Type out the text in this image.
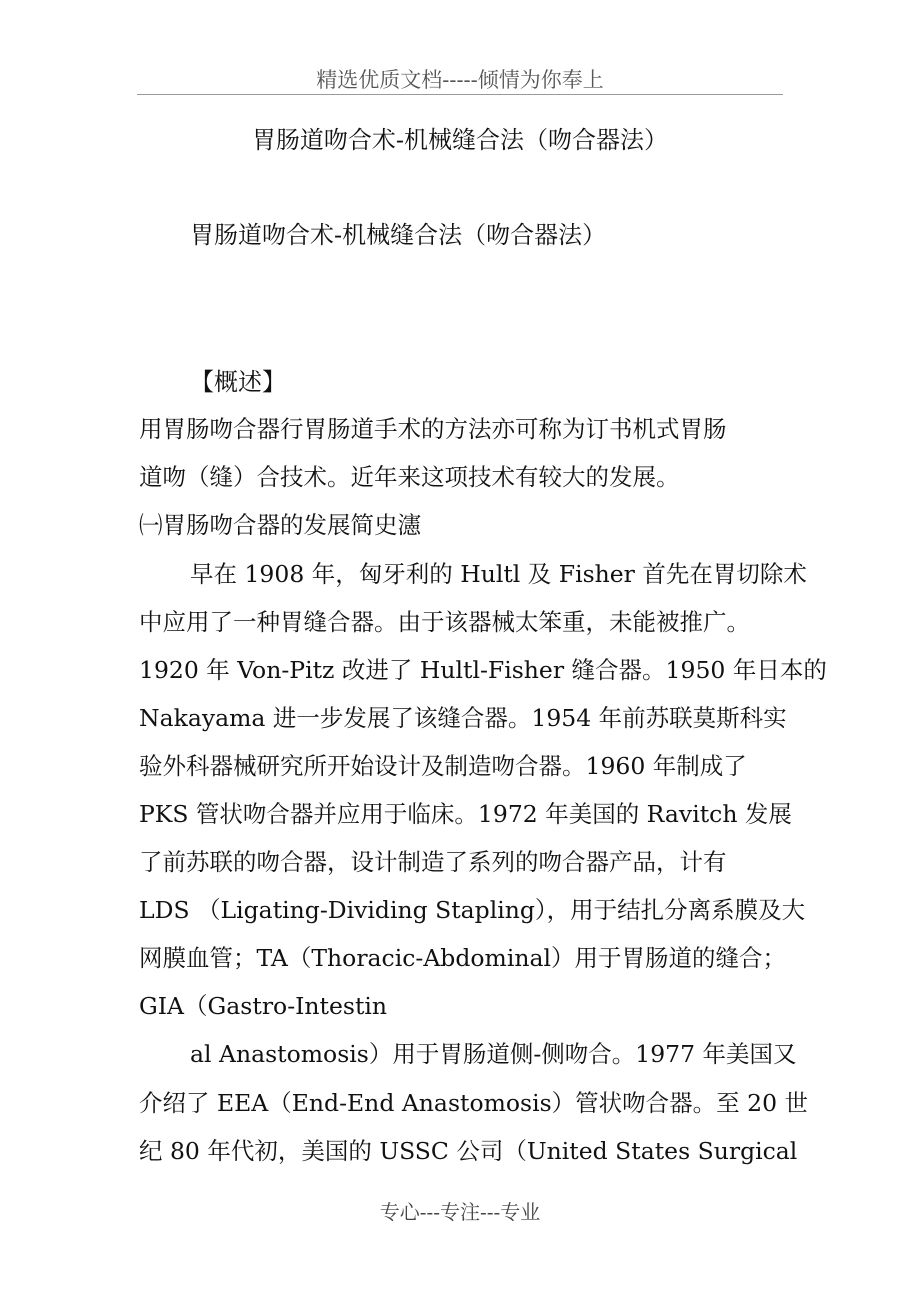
精选优质文档-----倾情为你奉上
胃肠道吻合术-机械缝合法（吻合器法）
胃肠道吻合术-机械缝合法（吻合器法）
【概述】
用胃肠吻合器行胃肠道手术的方法亦可称为订书机式胃肠
道吻（缝）合技术。近年来这项技术有较大的发展。
㈠胃肠吻合器的发展简史瀗
早在 1908 年，匈牙利的 Hultl 及 Fisher 首先在胃切除术
中应用了一种胃缝合器。由于该器械太笨重，未能被推广。
1920 年 Von-Pitz 改进了 Hultl-Fisher 缝合器。1950 年日本的
Nakayama 进一步发展了该缝合器。1954 年前苏联莫斯科实
验外科器械研究所开始设计及制造吻合器。1960 年制成了
PKS 管状吻合器并应用于临床。1972 年美国的 Ravitch 发展
了前苏联的吻合器，设计制造了系列的吻合器产品，计有
LDS （Ligating-Dividing Stapling），用于结扎分离系膜及大
网膜血管；TA（Thoracic-Abdominal）用于胃肠道的缝合；
GIA（Gastro-Intestin
al Anastomosis）用于胃肠道侧-侧吻合。1977 年美国又
介绍了 EEA（End-End Anastomosis）管状吻合器。至 20 世
纪 80 年代初，美国的 USSC 公司（United States Surgical
专心---专注---专业
